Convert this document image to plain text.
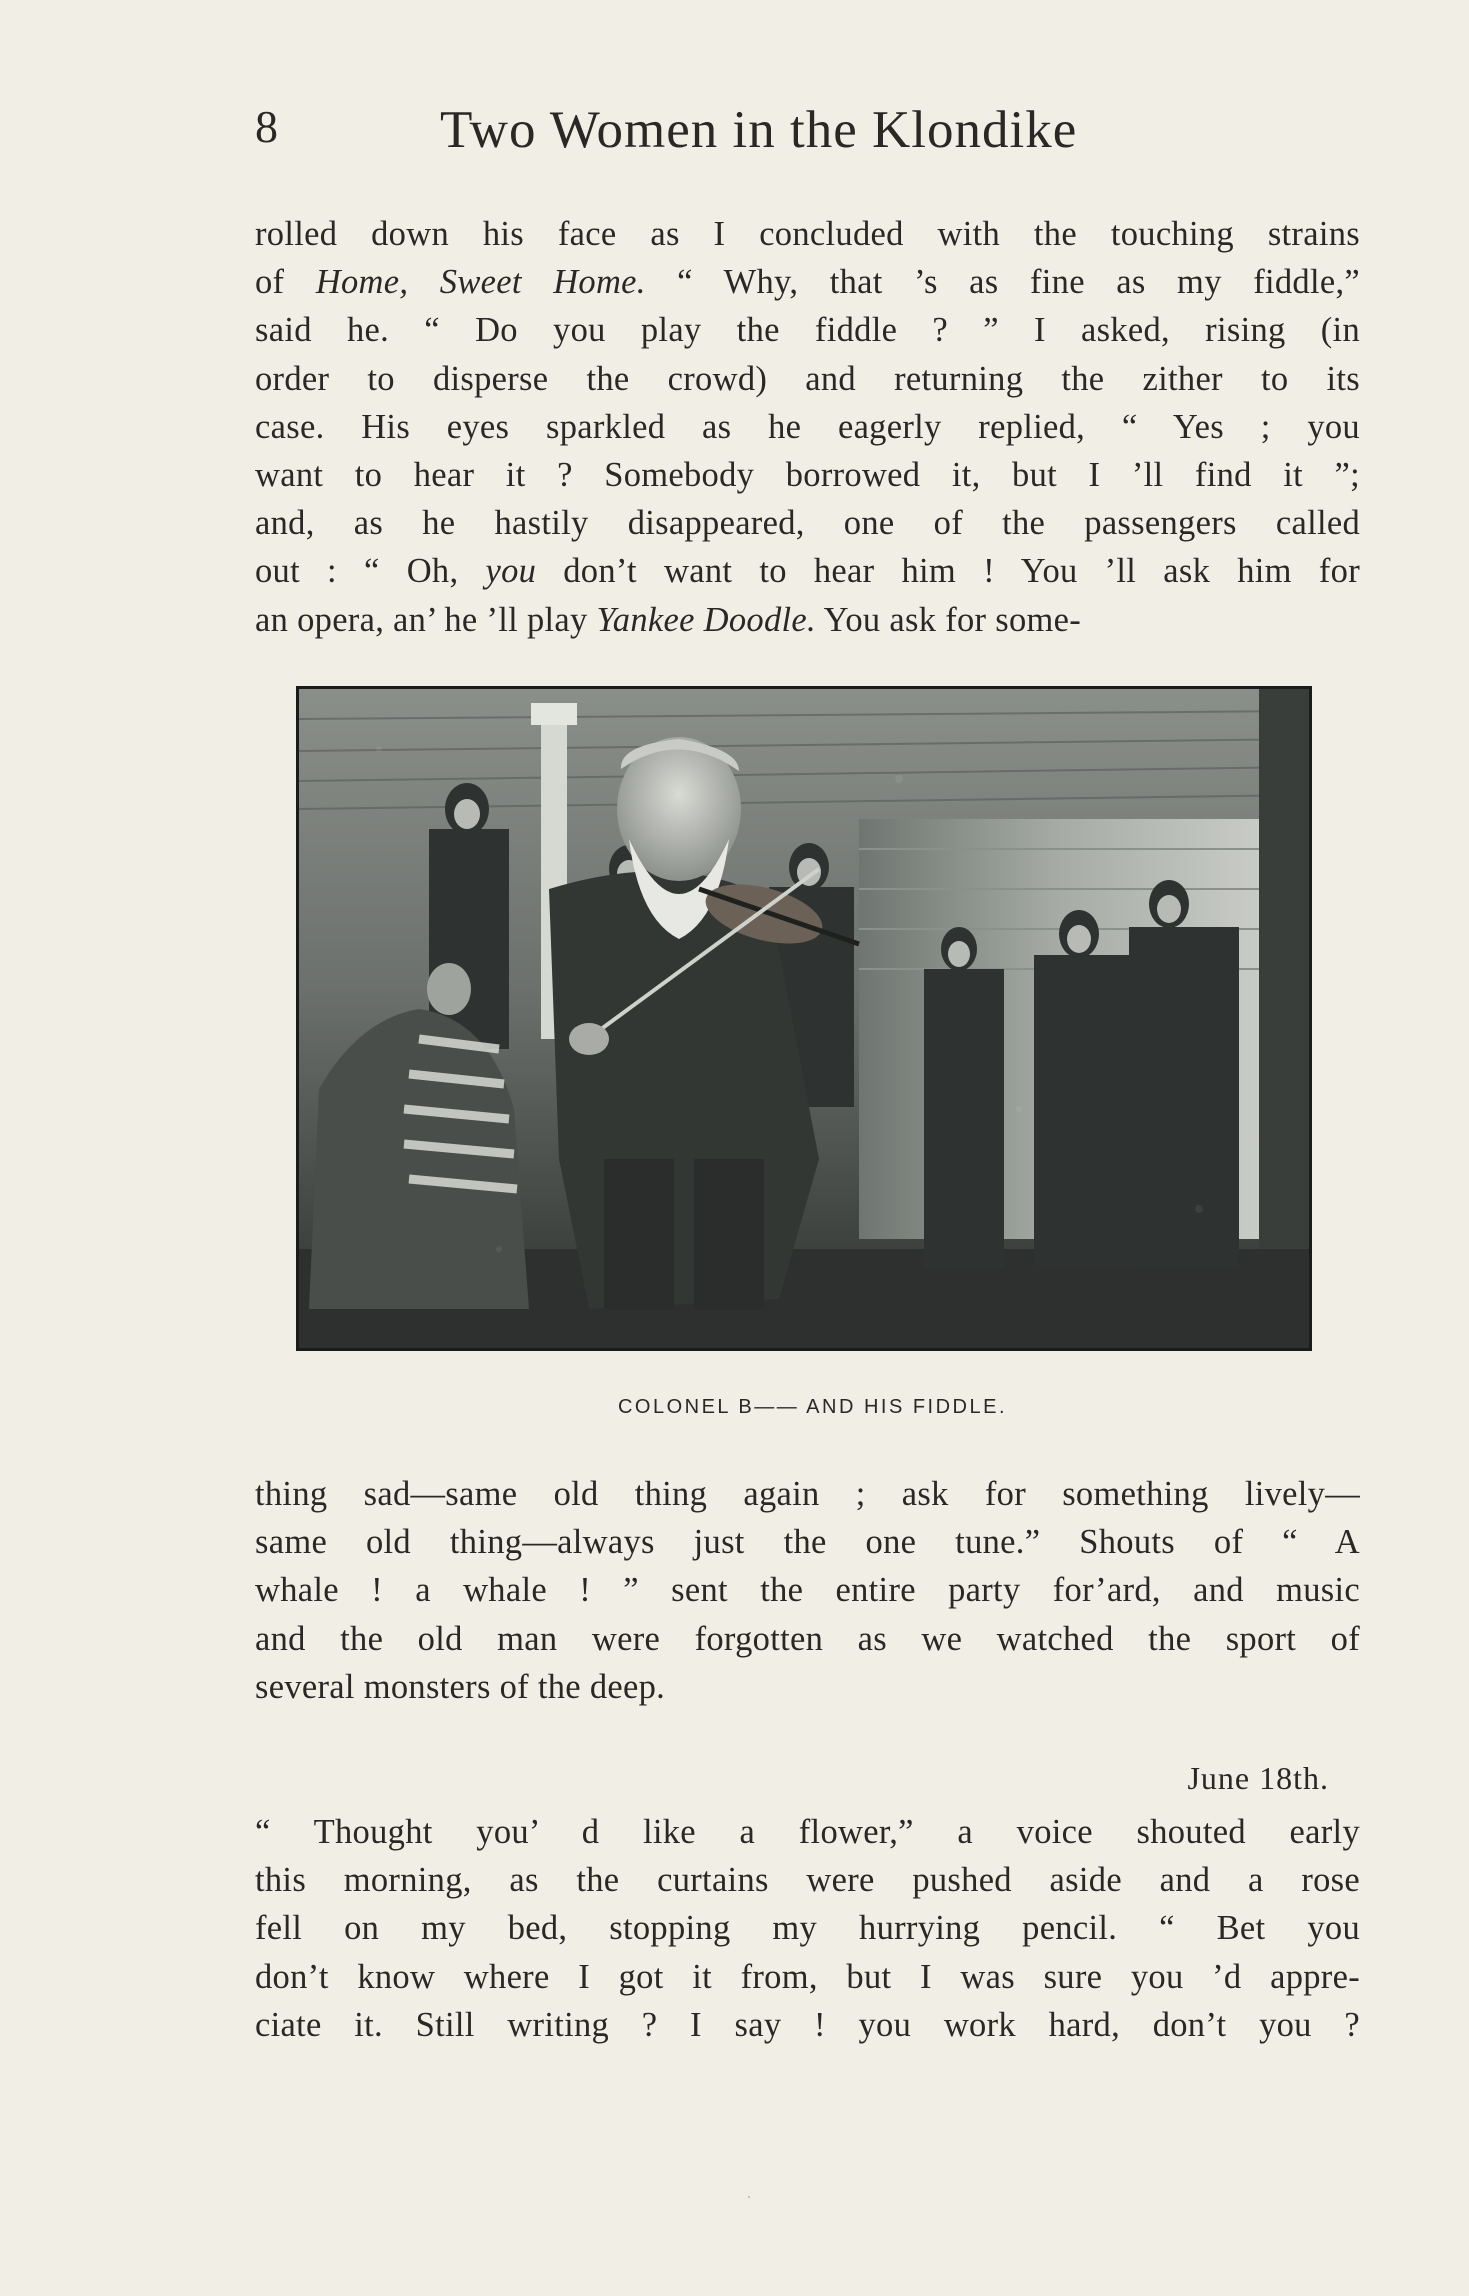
8	Two Women in the Klondike
rolled down his face as I concluded with the touching strains
of Home, Sweet Home. “ Why, that ’s as fine as my fiddle,”
said he. “ Do you play the fiddle ? ” I asked, rising (in
order to disperse the crowd) and returning the zither to its
case. His eyes sparkled as he eagerly replied, “ Yes ; you
want to hear it ? Somebody borrowed it, but I ’ll find it ”;
and, as he hastily disappeared, one of the passengers called
out : “ Oh, you don’t want to hear him ! You ’ll ask him for
an opera, an’ he ’ll play Yankee Doodle. You ask for some-
COLONEL B—— AND HIS FIDDLE.
thing sad—same old thing again ; ask for something lively—
same old thing—always just the one tune.” Shouts of “ A
whale ! a whale ! ” sent the entire party for’ard, and music
and the old man were forgotten as we watched the sport of
several monsters of the deep.
June 18th.
“ Thought you’ d like a flower,” a voice shouted early
this morning, as the curtains were pushed aside and a rose
fell on my bed, stopping my hurrying pencil. “ Bet you
don’t know where I got it from, but I was sure you ’d appre-
ciate it. Still writing ? I say ! you work hard, don’t you ?
